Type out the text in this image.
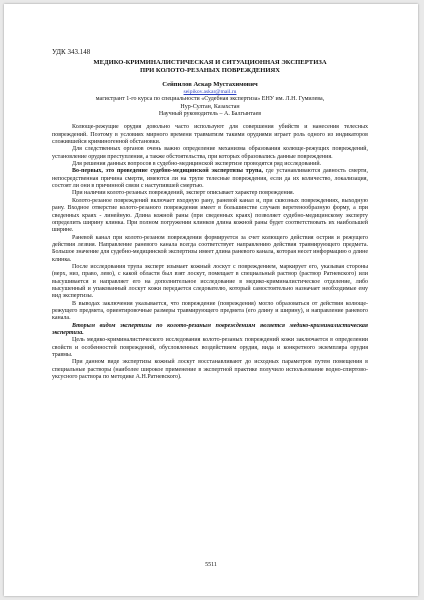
УДК 343.148

МЕДИКО-КРИМИНАЛИСТИЧЕСКАЯ И СИТУАЦИОННАЯ ЭКСПЕРТИЗА

ПРИ КОЛОТО-РЕЗАНЫХ ПОВРЕЖДЕНИЯХ

Сейпилов Аскар Мустахимович

seipikov.askar@mail.ru

магистрант 1-го курса по специальности «Судебная экспертиза» ЕНУ им. Л.Н. Гумилева,

Нур-Султан, Казахстан

Научный руководитель – А. Балгынтаев

Колюще-режущие орудия довольно часто используют для совершения убийств и нанесения телесных повреждений. Поэтому в условиях мирного времени травматизм такими орудиями играет роль одного из индикаторов сложившейся криминогенной обстановки.

Для следственных органов очень важно определение механизма образования колюще-режущих повреждений, установление орудия преступления, а также обстоятельства, при которых образовались данные повреждения.

Для решения данных вопросов в судебно-медицинской экспертизе проводятся ряд исследований.

Во-первых, это проведение судебно-медицинской экспертизы трупа, где устанавливаются давность смерти, непосредственная причина смерти, имеются ли на трупе телесные повреждения, если да их количество, локализация, состоят ли они в причинной связи с наступившей смертью.

При наличии колото-резаных повреждений, эксперт описывает характер повреждения.

Колото-резаное повреждений включает входную рану, раневой канал и, при сквозных повреждениях, выходную рану. Входное отверстие колото-резаного повреждения имеет в большинстве случаев веретенообразную форму, а при сведенных краях - линейную. Длина кожной раны (при сведенных краях) позволяет судебно-медицинскому эксперту определить ширину клинка. При полном погружении клинков длина кожной раны будет соответствовать их наибольшей ширине.

Раневой канал при колото-резаном повреждении формируется за счет колющего действия острия и режущего действия лезвия. Направление раневого канала всегда соответствует направлению действия травмирующего предмета. Большое значение для судебно-медицинской экспертизы имеет длина раневого канала, которая несет информацию о длине клинка.

После исследования трупа эксперт изымает кожный лоскут с повреждением, маркирует его, указывая стороны (верх, низ, право, лево), с какой области был взят лоскут, помещает в специальный раствор (раствор Ратневского) или высушивается и направляет его на дополнительное исследование в медико-криминалистическое отделение, либо высушенный и упакованный лоскут кожи передается следователю, который самостоятельно назначает необходимые ему вид экспертизы.

В выводах заключения указывается, что повреждение (повреждения) могло образоваться от действия колюще-режущего предмета, ориентировочные размеры травмирующего предмета (его длину и ширину), и направление раневого канала.

Вторым видом экспертизы по колото-резаным повреждениям является медико-криминалистическая экспертиза.

Цель медико-криминалистического исследования колото-резаных повреждений кожи заключается в определении свойств и особенностей повреждений, обусловленных воздействием орудия, вида и конкретного экземпляра орудия травмы.

При данном виде экспертизы кожный лоскут восстанавливают до исходных параметров путем помещения в специальные растворы (наиболее широкое применение в экспертной практике получило использование водно-спиртово-уксусного раствора по методике А.Н.Ратневского).

5511
